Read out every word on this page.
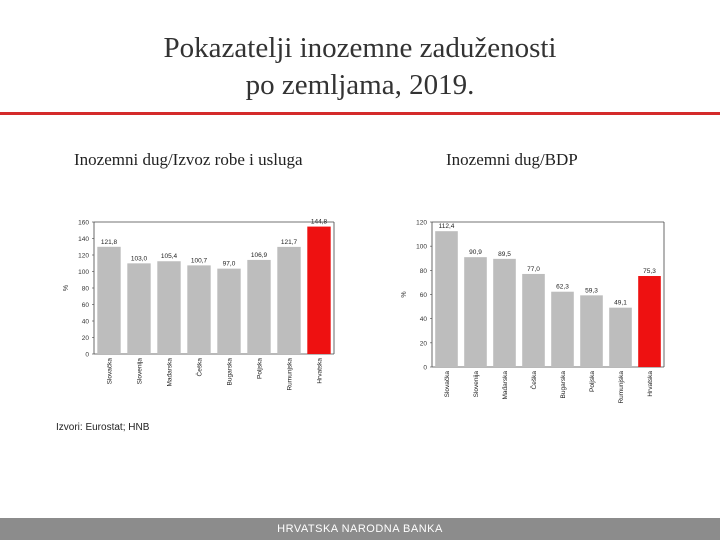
Pokazatelji inozemne zaduženosti
po zemljama, 2019.
Inozemni dug/Izvoz robe i usluga	Inozemni dug/BDP
0
20
40
60
80
100
120
140
160
%
121,8
Slovačka
103,0
Slovenija
105,4
Mađarska
100,7
Češka
97,0
Bugarska
106,9
Poljska
121,7
Rumunjska
144,8
Hrvatska	0
20
40
60
80
100
120
%
112,4
Slovačka
90,9
Slovenija
89,5
Mađarska
77,0
Češka
62,3
Bugarska
59,3
Poljska
49,1
Rumunjska
75,3
Hrvatska
Izvori: Eurostat; HNB
HRVATSKA NARODNA BANKA
